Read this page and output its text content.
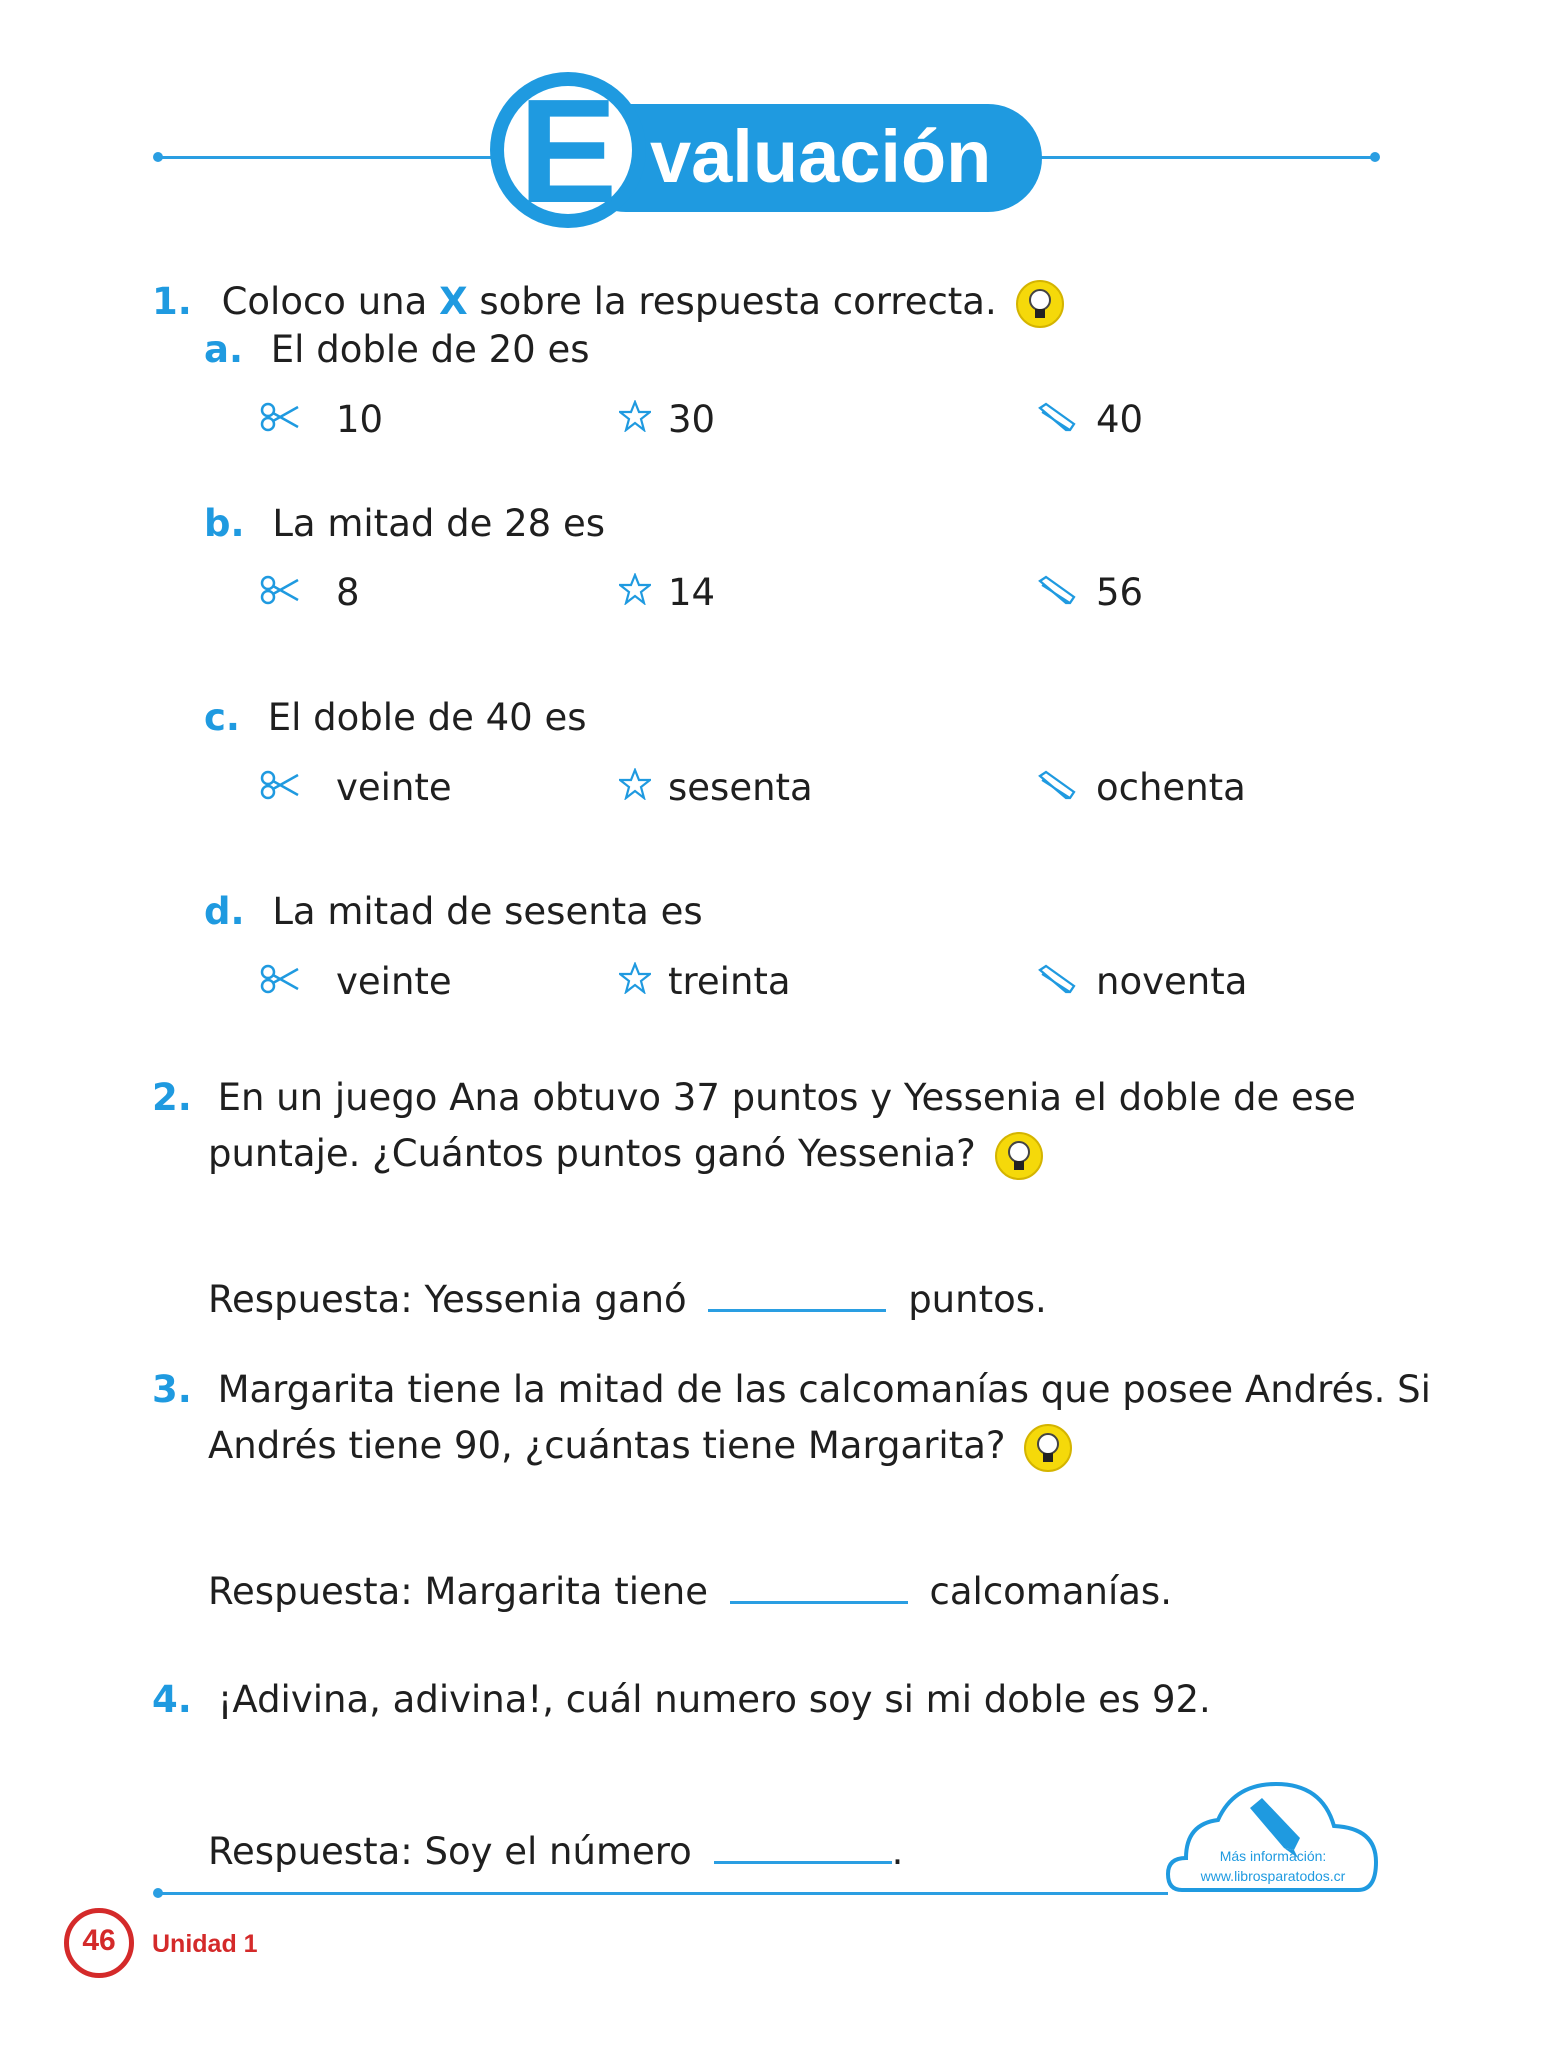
E valuación
1. Coloco una X sobre la respuesta correcta.
a. El doble de 20 es
10	30	40
b. La mitad de 28 es
8	14	56
c. El doble de 40 es
veinte	sesenta	ochenta
d. La mitad de sesenta es
veinte	treinta	noventa
2. En un juego Ana obtuvo 37 puntos y Yessenia el doble de ese
puntaje. ¿Cuántos puntos ganó Yessenia?
Respuesta: Yessenia ganó	puntos.
3. Margarita tiene la mitad de las calcomanías que posee Andrés. Si
Andrés tiene 90, ¿cuántas tiene Margarita?
Respuesta: Margarita tiene	calcomanías.
4. ¡Adivina, adivina!, cuál numero soy si mi doble es 92.
Respuesta: Soy el número	.	Más información:
www.librosparatodos.cr
46	Unidad 1
